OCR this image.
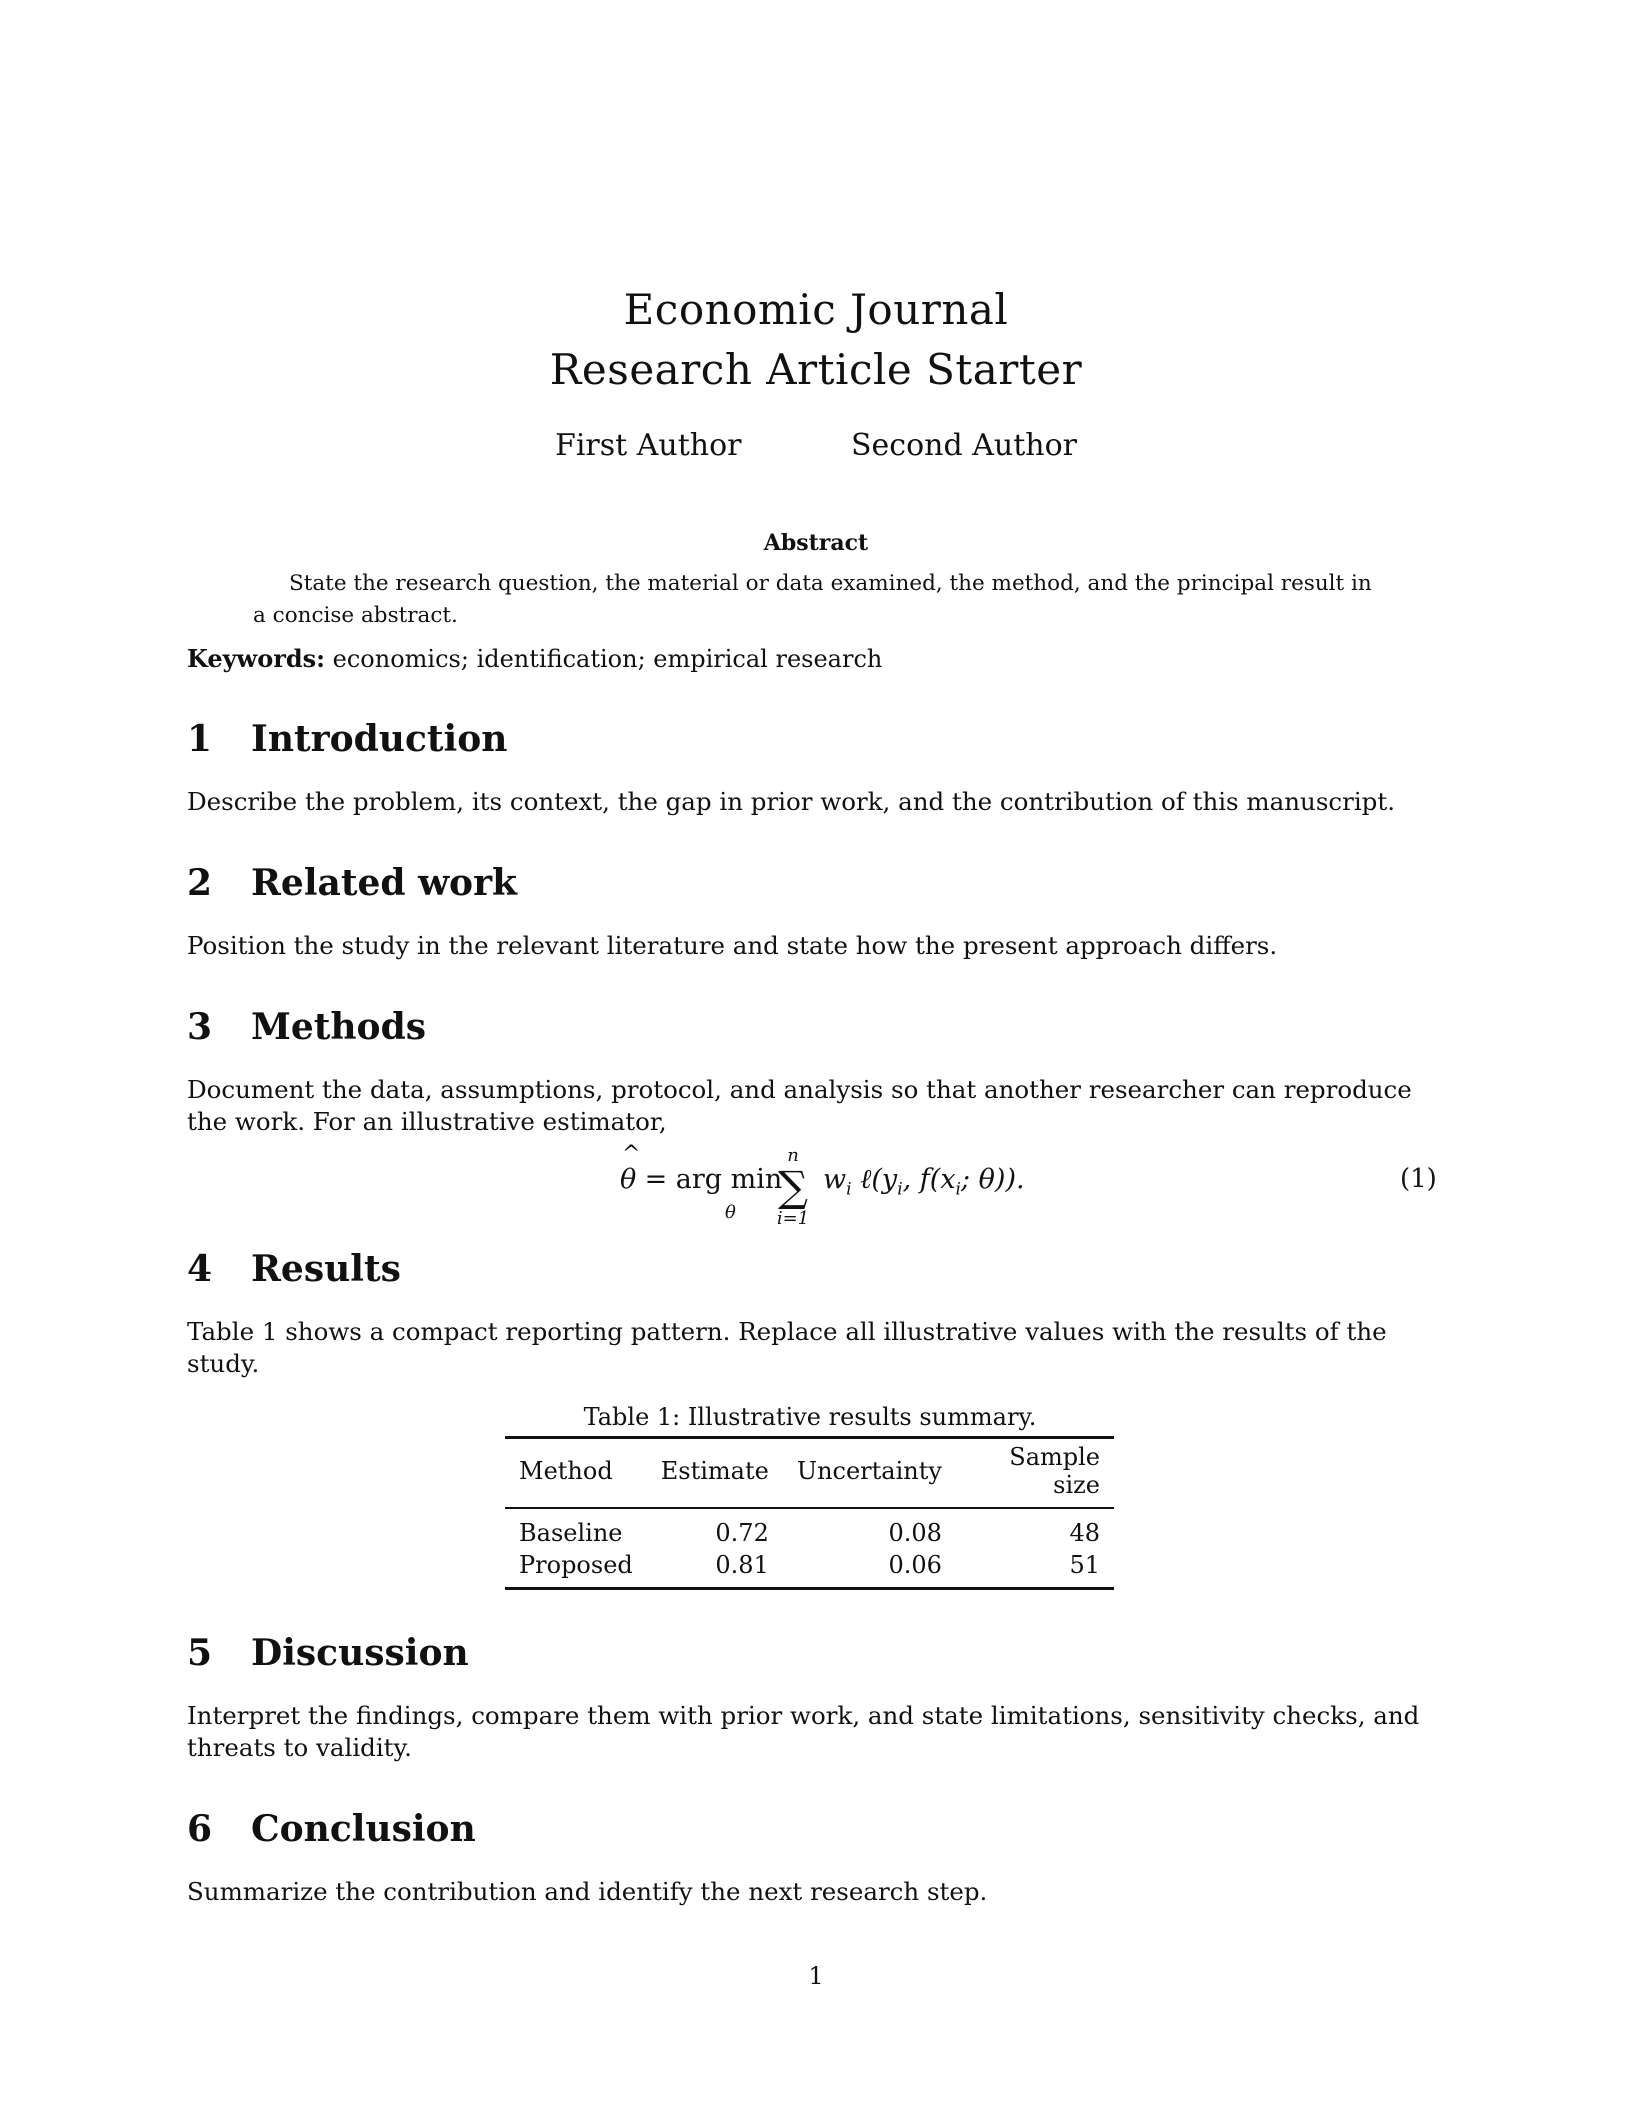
Economic Journal
Research Article Starter
First Author	Second Author
Abstract
State the research question, the material or data examined, the method, and the principal result in a concise abstract.
Keywords: economics; identification; empirical research
1 Introduction
Describe the problem, its context, the gap in prior work, and the contribution of this manuscript.
2 Related work
Position the study in the relevant literature and state how the present approach differs.
3 Methods
Document the data, assumptions, protocol, and analysis so that another researcher can reproduce the work. For an illustrative estimator,
θ
^
= arg min
θ
n
∑
i=1
$w_i$ $\ell(y_i$, $f(x_i$; θ)).	(1)
4 Results
Table 1 shows a compact reporting pattern. Replace all illustrative values with the results of the study.
Table 1: Illustrative results summary.
Method	Estimate	Uncertainty	Sample size
Baseline	0.72	0.08	48
Proposed	0.81	0.06	51
5 Discussion
Interpret the findings, compare them with prior work, and state limitations, sensitivity checks, and threats to validity.
6 Conclusion
Summarize the contribution and identify the next research step.
1
